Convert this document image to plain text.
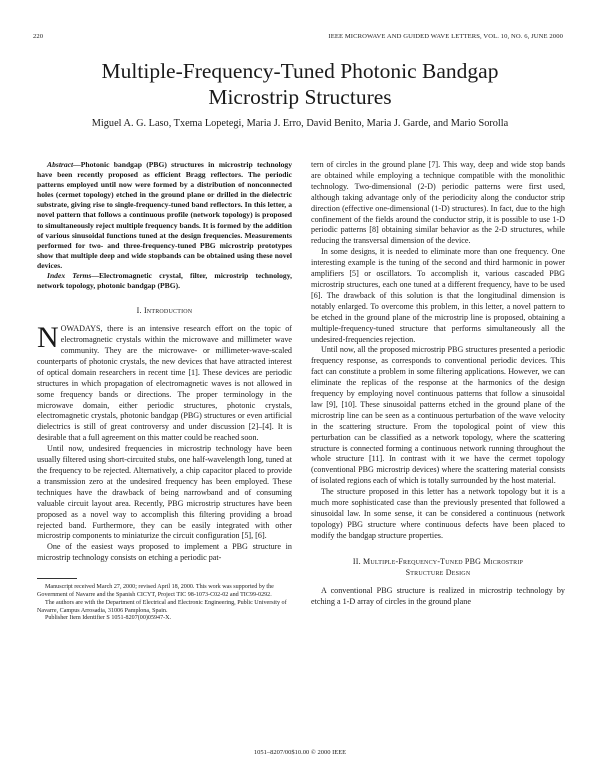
220	IEEE MICROWAVE AND GUIDED WAVE LETTERS, VOL. 10, NO. 6, JUNE 2000
Multiple-Frequency-Tuned Photonic Bandgap
Microstrip Structures
Miguel A. G. Laso, Txema Lopetegi, Maria J. Erro, David Benito, Maria J. Garde, and Mario Sorolla

Abstract—Photonic bandgap (PBG) structures in microstrip technology have been recently proposed as efficient Bragg reflectors. The periodic patterns employed until now were formed by a distribution of nonconnected holes (cermet topology) etched in the ground plane or drilled in the dielectric substrate, giving rise to single-frequency-tuned band reflectors. In this letter, a novel pattern that follows a continuous profile (network topology) is proposed to simultaneously reject multiple frequency bands. It is formed by the addition of various sinusoidal functions tuned at the design frequencies. Measurements performed for two- and three-frequency-tuned PBG microstrip prototypes show that multiple deep and wide stopbands can be obtained using these novel devices.

Index Terms—Electromagnetic crystal, filter, microstrip technology, network topology, photonic bandgap (PBG).

I. Introduction

NOWADAYS, there is an intensive research effort on the topic of electromagnetic crystals within the microwave and millimeter wave community. They are the microwave- or millimeter-wave-scaled counterparts of photonic crystals, the new devices that have attracted interest of optical domain researchers in recent time [1]. These devices are periodic structures in which propagation of electromagnetic waves is not allowed in some frequency bands or directions. The proper terminology in the microwave domain, either periodic structures, photonic crystals, electromagnetic crystals, photonic bandgap (PBG) structures or even artificial dielectrics is still of great controversy and under discussion [2]–[4]. It is desirable that a full agreement on this matter could be reached soon.

Until now, undesired frequencies in microstrip technology have been usually filtered using short-circuited stubs, one half-wavelength long, tuned at the frequency to be rejected. Alternatively, a chip capacitor placed to provide a transmission zero at the undesired frequency has been employed. These techniques have the drawback of being narrowband and of consuming valuable circuit layout area. Recently, PBG microstrip structures have been proposed as a novel way to accomplish this filtering providing a broad rejected band. Furthermore, they can be easily integrated with other microstrip components to miniaturize the circuit configuration [5], [6].

One of the easiest ways proposed to implement a PBG structure in microstrip technology consists on etching a periodic pat-

Manuscript received March 27, 2000; revised April 18, 2000. This work was supported by the Government of Navarre and the Spanish CICYT, Project TIC 98-1073-C02-02 and TIC99-0292.

The authors are with the Department of Electrical and Electronic Engineering, Public University of Navarre, Campus Arrosadia, 31006 Pamplona, Spain.

Publisher Item Identifier S 1051-8207(00)05947-X.

tern of circles in the ground plane [7]. This way, deep and wide stop bands are obtained while employing a technique compatible with the monolithic technology. Two-dimensional (2-D) periodic patterns were first used, although taking advantage only of the periodicity along the conductor strip direction (effective one-dimensional (1-D) structures). In fact, due to the high confinement of the fields around the conductor strip, it is possible to use 1-D periodic patterns [8] obtaining similar behavior as the 2-D structures, while reducing the transversal dimension of the device.

In some designs, it is needed to eliminate more than one frequency. One interesting example is the tuning of the second and third harmonic in power amplifiers [5] or oscillators. To accomplish it, various cascaded PBG microstrip structures, each one tuned at a different frequency, have to be used [6]. The drawback of this solution is that the longitudinal dimension is notably enlarged. To overcome this problem, in this letter, a novel pattern to be etched in the ground plane of the microstrip line is proposed, obtaining a multiple-frequency-tuned structure that performs simultaneously all the undesired-frequencies rejection.

Until now, all the proposed microstrip PBG structures presented a periodic frequency response, as corresponds to conventional periodic devices. This fact can constitute a problem in some filtering applications. However, we can eliminate the replicas of the response at the harmonics of the design frequency by employing novel continuous patterns that follow a sinusoidal law [9], [10]. These sinusoidal patterns etched in the ground plane of the microstrip line can be seen as a continuous perturbation of the wave velocity in the scattering structure. From the topological point of view this perturbation can be classified as a network topology, where the scattering structure is connected forming a continuous network running throughout the whole structure [11]. In contrast with it we have the cermet topology (conventional PBG microstrip devices) where the scattering material consists of isolated regions each of which is totally surrounded by the host material.

The structure proposed in this letter has a network topology but it is a much more sophisticated case than the previously presented that followed a sinusoidal law. In some sense, it can be considered a continuous (network topology) PBG structure where continuous defects have been placed to modify the bandgap structure properties.

II. Multiple-Frequency-Tuned PBG Microstrip
Structure Design

A conventional PBG structure is realized in microstrip technology by etching a 1-D array of circles in the ground plane

1051–8207/00$10.00 © 2000 IEEE
